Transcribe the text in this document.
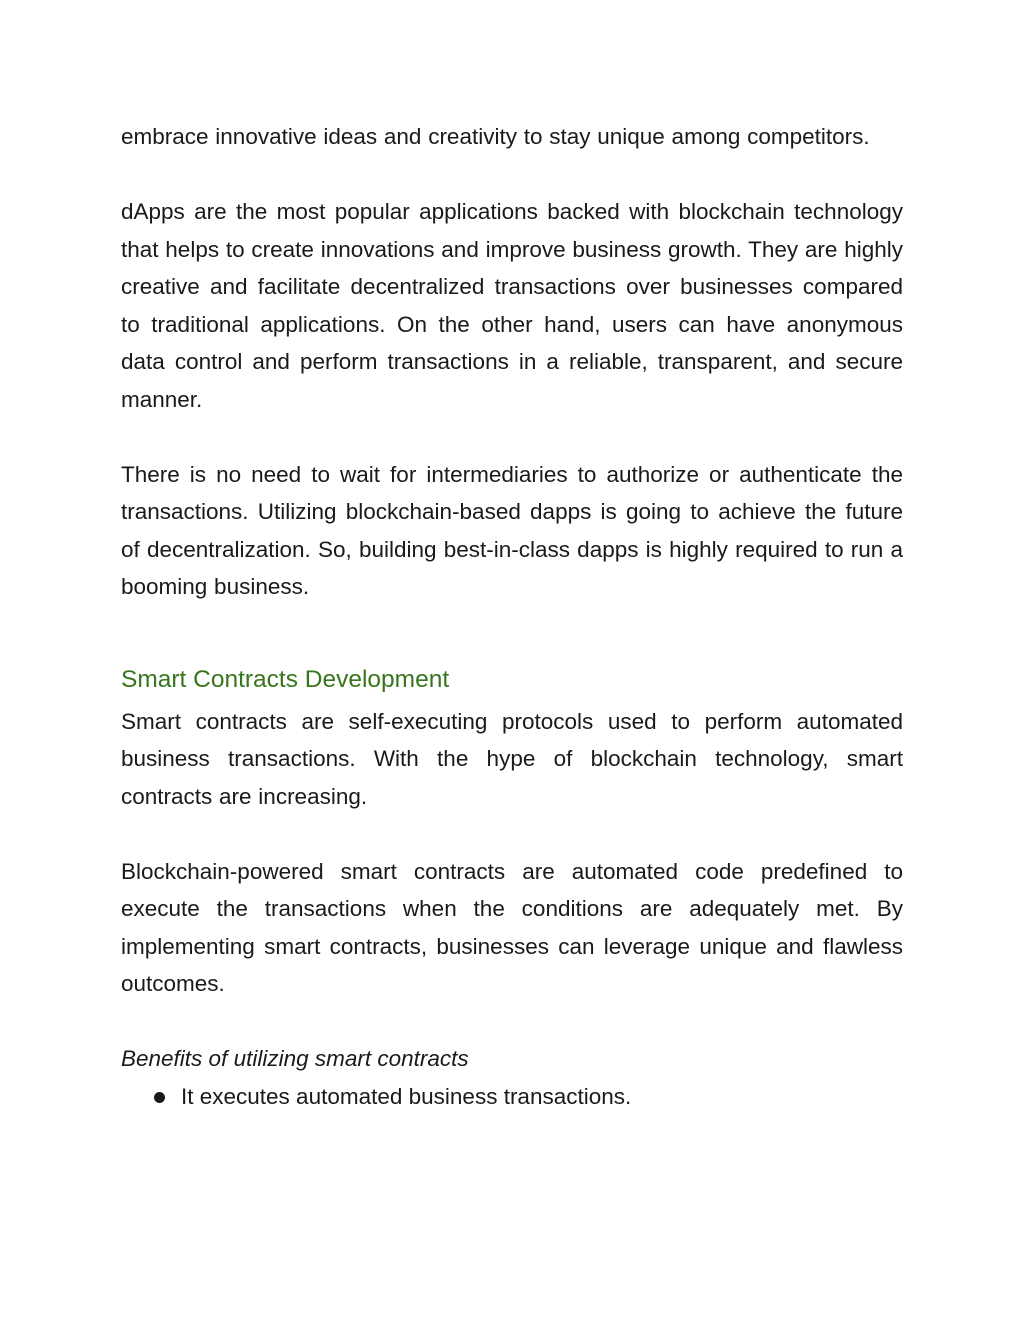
embrace innovative ideas and creativity to stay unique among competitors.

dApps are the most popular applications backed with blockchain technology that helps to create innovations and improve business growth. They are highly creative and facilitate decentralized transactions over businesses compared to traditional applications. On the other hand, users can have anonymous data control and perform transactions in a reliable, transparent, and secure manner.

There is no need to wait for intermediaries to authorize or authenticate the transactions. Utilizing blockchain-based dapps is going to achieve the future of decentralization. So, building best-in-class dapps is highly required to run a booming business.

Smart Contracts Development

Smart contracts are self-executing protocols used to perform automated business transactions. With the hype of blockchain technology, smart contracts are increasing.

Blockchain-powered smart contracts are automated code predefined to execute the transactions when the conditions are adequately met. By implementing smart contracts, businesses can leverage unique and flawless outcomes.

Benefits of utilizing smart contracts

It executes automated business transactions.
